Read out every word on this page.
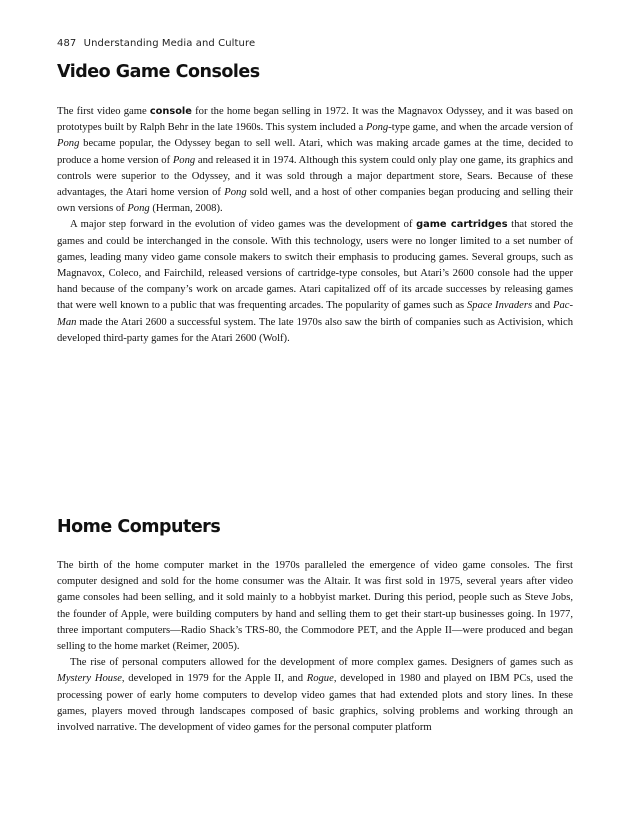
487 Understanding Media and Culture
Video Game Consoles

The first video game console for the home began selling in 1972. It was the Magnavox Odyssey, and it was based on prototypes built by Ralph Behr in the late 1960s. This system included a Pong-type game, and when the arcade version of Pong became popular, the Odyssey began to sell well. Atari, which was making arcade games at the time, decided to produce a home version of Pong and released it in 1974. Although this system could only play one game, its graphics and controls were superior to the Odyssey, and it was sold through a major department store, Sears. Because of these advantages, the Atari home version of Pong sold well, and a host of other companies began producing and selling their own versions of Pong (Herman, 2008).

A major step forward in the evolution of video games was the development of game cartridges that stored the games and could be interchanged in the console. With this technology, users were no longer limited to a set number of games, leading many video game console makers to switch their emphasis to producing games. Several groups, such as Magnavox, Coleco, and Fairchild, released versions of cartridge-type consoles, but Atari’s 2600 console had the upper hand because of the company’s work on arcade games. Atari capitalized off of its arcade successes by releasing games that were well known to a public that was frequenting arcades. The popularity of games such as Space Invaders and Pac-Man made the Atari 2600 a successful system. The late 1970s also saw the birth of companies such as Activision, which developed third-party games for the Atari 2600 (Wolf).

Home Computers

The birth of the home computer market in the 1970s paralleled the emergence of video game consoles. The first computer designed and sold for the home consumer was the Altair. It was first sold in 1975, several years after video game consoles had been selling, and it sold mainly to a hobbyist market. During this period, people such as Steve Jobs, the founder of Apple, were building computers by hand and selling them to get their start-up businesses going. In 1977, three important computers—Radio Shack’s TRS-80, the Commodore PET, and the Apple II—were produced and began selling to the home market (Reimer, 2005).

The rise of personal computers allowed for the development of more complex games. Designers of games such as Mystery House, developed in 1979 for the Apple II, and Rogue, developed in 1980 and played on IBM PCs, used the processing power of early home computers to develop video games that had extended plots and story lines. In these games, players moved through landscapes composed of basic graphics, solving problems and working through an involved narrative. The development of video games for the personal computer platform
